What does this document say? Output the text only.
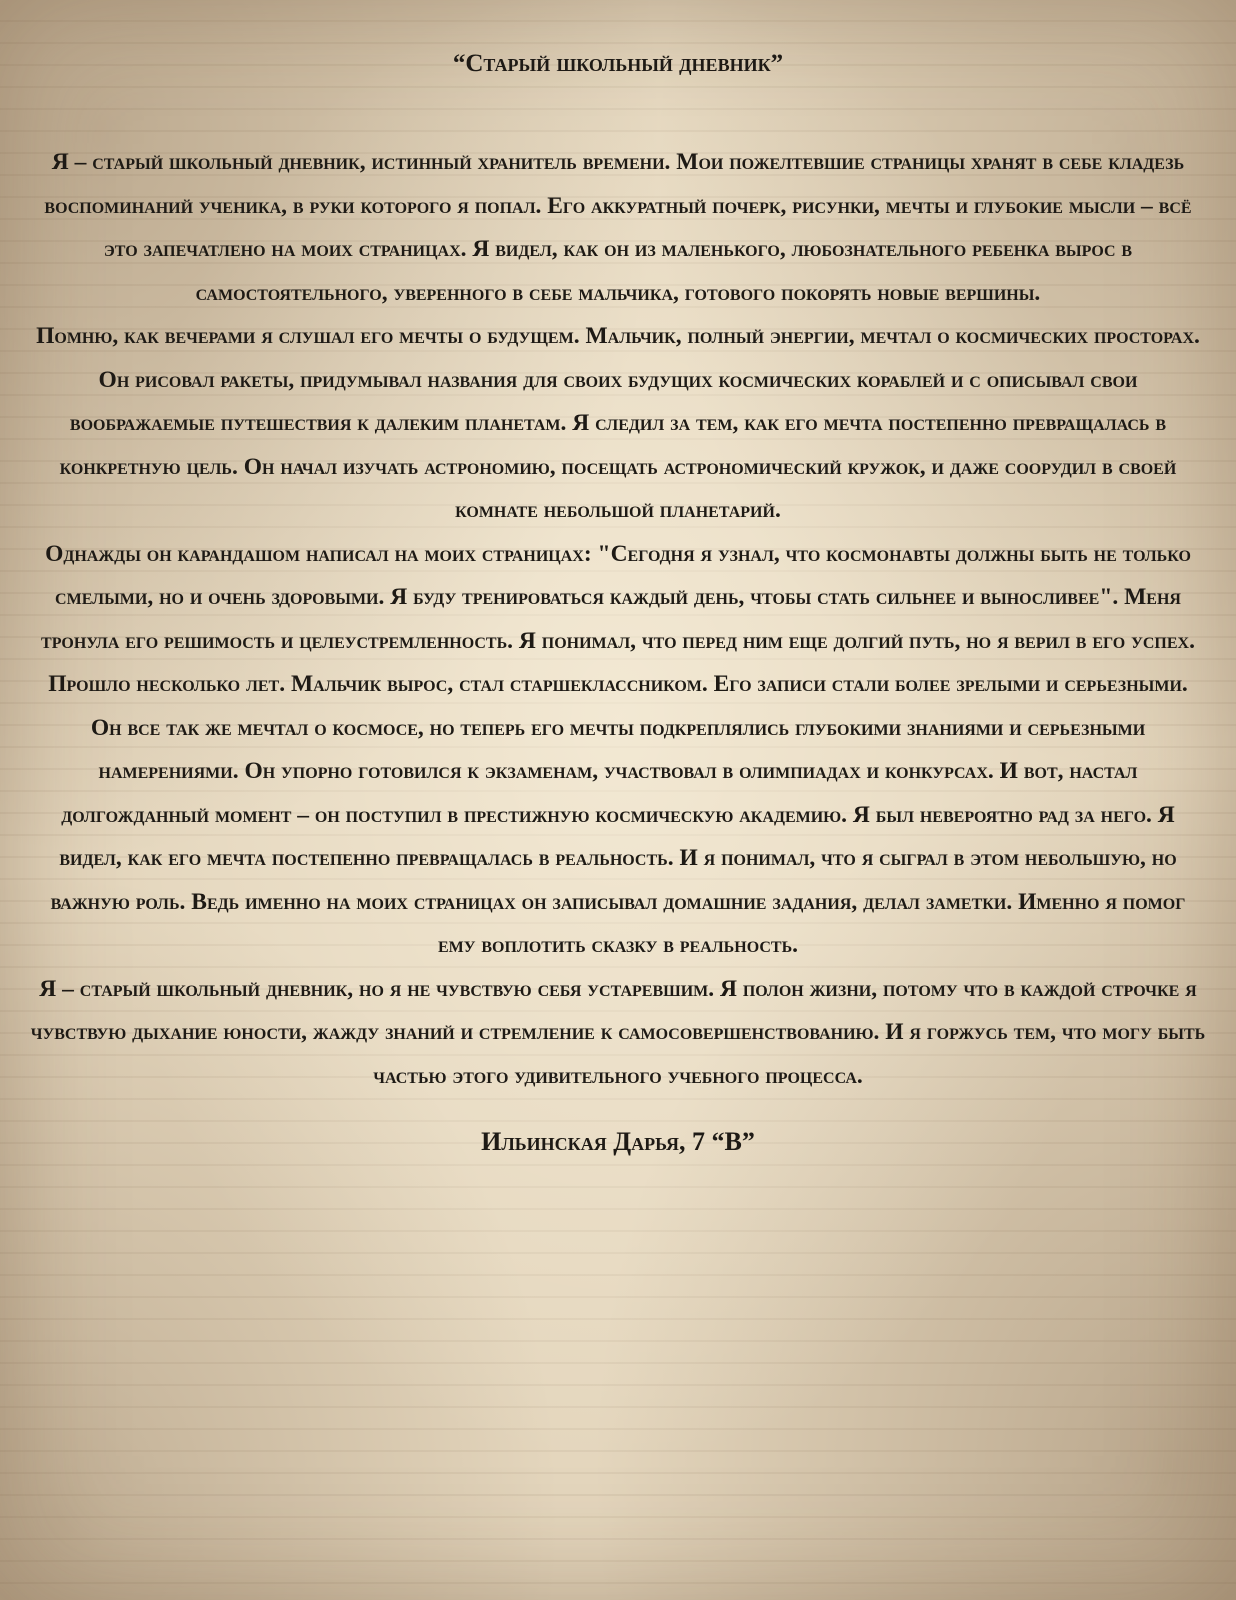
“Старый школьный дневник”

Я – старый школьный дневник, истинный хранитель времени. Мои пожелтевшие страницы хранят в себе кладезь воспоминаний ученика, в руки которого я попал. Его аккуратный почерк, рисунки, мечты и глубокие мысли – всё это запечатлено на моих страницах. Я видел, как он из маленького, любознательного ребенка вырос в самостоятельного, уверенного в себе мальчика, готового покорять новые вершины.

Помню, как вечерами я слушал его мечты о будущем. Мальчик, полный энергии, мечтал о космических просторах. Он рисовал ракеты, придумывал названия для своих будущих космических кораблей и с описывал свои воображаемые путешествия к далеким планетам. Я следил за тем, как его мечта постепенно превращалась в конкретную цель. Он начал изучать астрономию, посещать астрономический кружок, и даже соорудил в своей комнате небольшой планетарий.

Однажды он карандашом написал на моих страницах: "Сегодня я узнал, что космонавты должны быть не только смелыми, но и очень здоровыми. Я буду тренироваться каждый день, чтобы стать сильнее и выносливее". Меня тронула его решимость и целеустремленность. Я понимал, что перед ним еще долгий путь, но я верил в его успех.

Прошло несколько лет. Мальчик вырос, стал старшеклассником. Его записи стали более зрелыми и серьезными. Он все так же мечтал о космосе, но теперь его мечты подкреплялись глубокими знаниями и серьезными намерениями. Он упорно готовился к экзаменам, участвовал в олимпиадах и конкурсах. И вот, настал долгожданный момент – он поступил в престижную космическую академию. Я был невероятно рад за него. Я видел, как его мечта постепенно превращалась в реальность. И я понимал, что я сыграл в этом небольшую, но важную роль. Ведь именно на моих страницах он записывал домашние задания, делал заметки. Именно я помог ему воплотить сказку в реальность.

Я – старый школьный дневник, но я не чувствую себя устаревшим. Я полон жизни, потому что в каждой строчке я чувствую дыхание юности, жажду знаний и стремление к самосовершенствованию. И я горжусь тем, что могу быть частью этого удивительного учебного процесса.

Ильинская Дарья, 7 “В”
